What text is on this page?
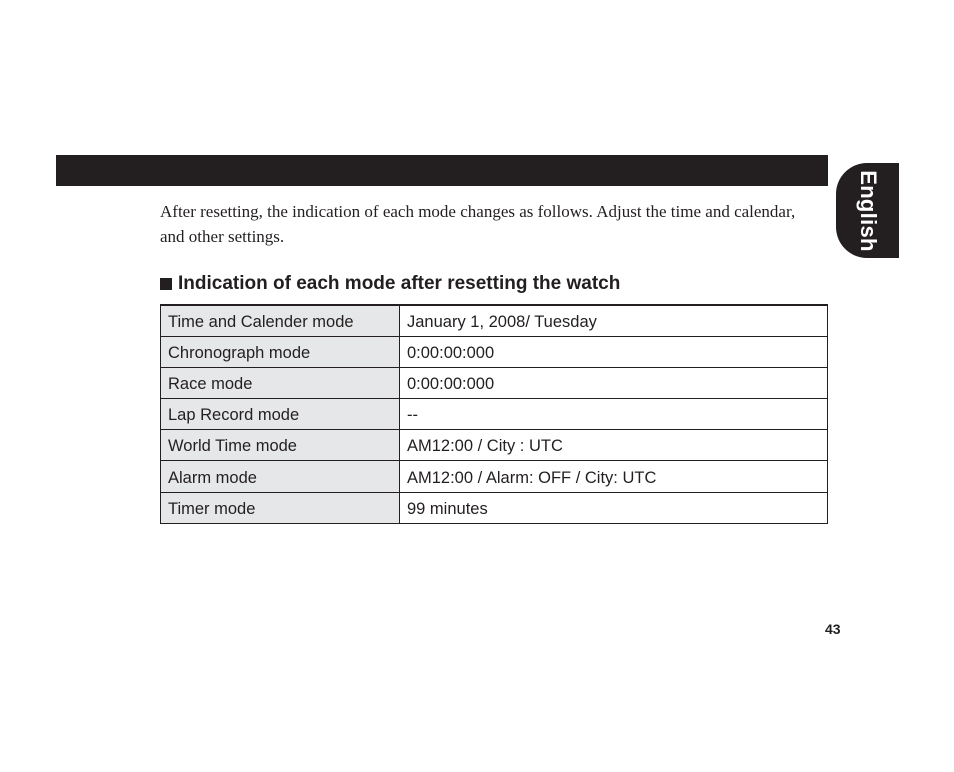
English

After resetting, the indication of each mode changes as follows. Adjust the time and calendar, and other settings.

Indication of each mode after resetting the watch
Time and Calender mode	January 1, 2008/ Tuesday
Chronograph mode	0:00:00:000
Race mode	0:00:00:000
Lap Record mode	--
World Time mode	AM12:00 / City : UTC
Alarm mode	AM12:00 / Alarm: OFF / City: UTC
Timer mode	99 minutes
43
